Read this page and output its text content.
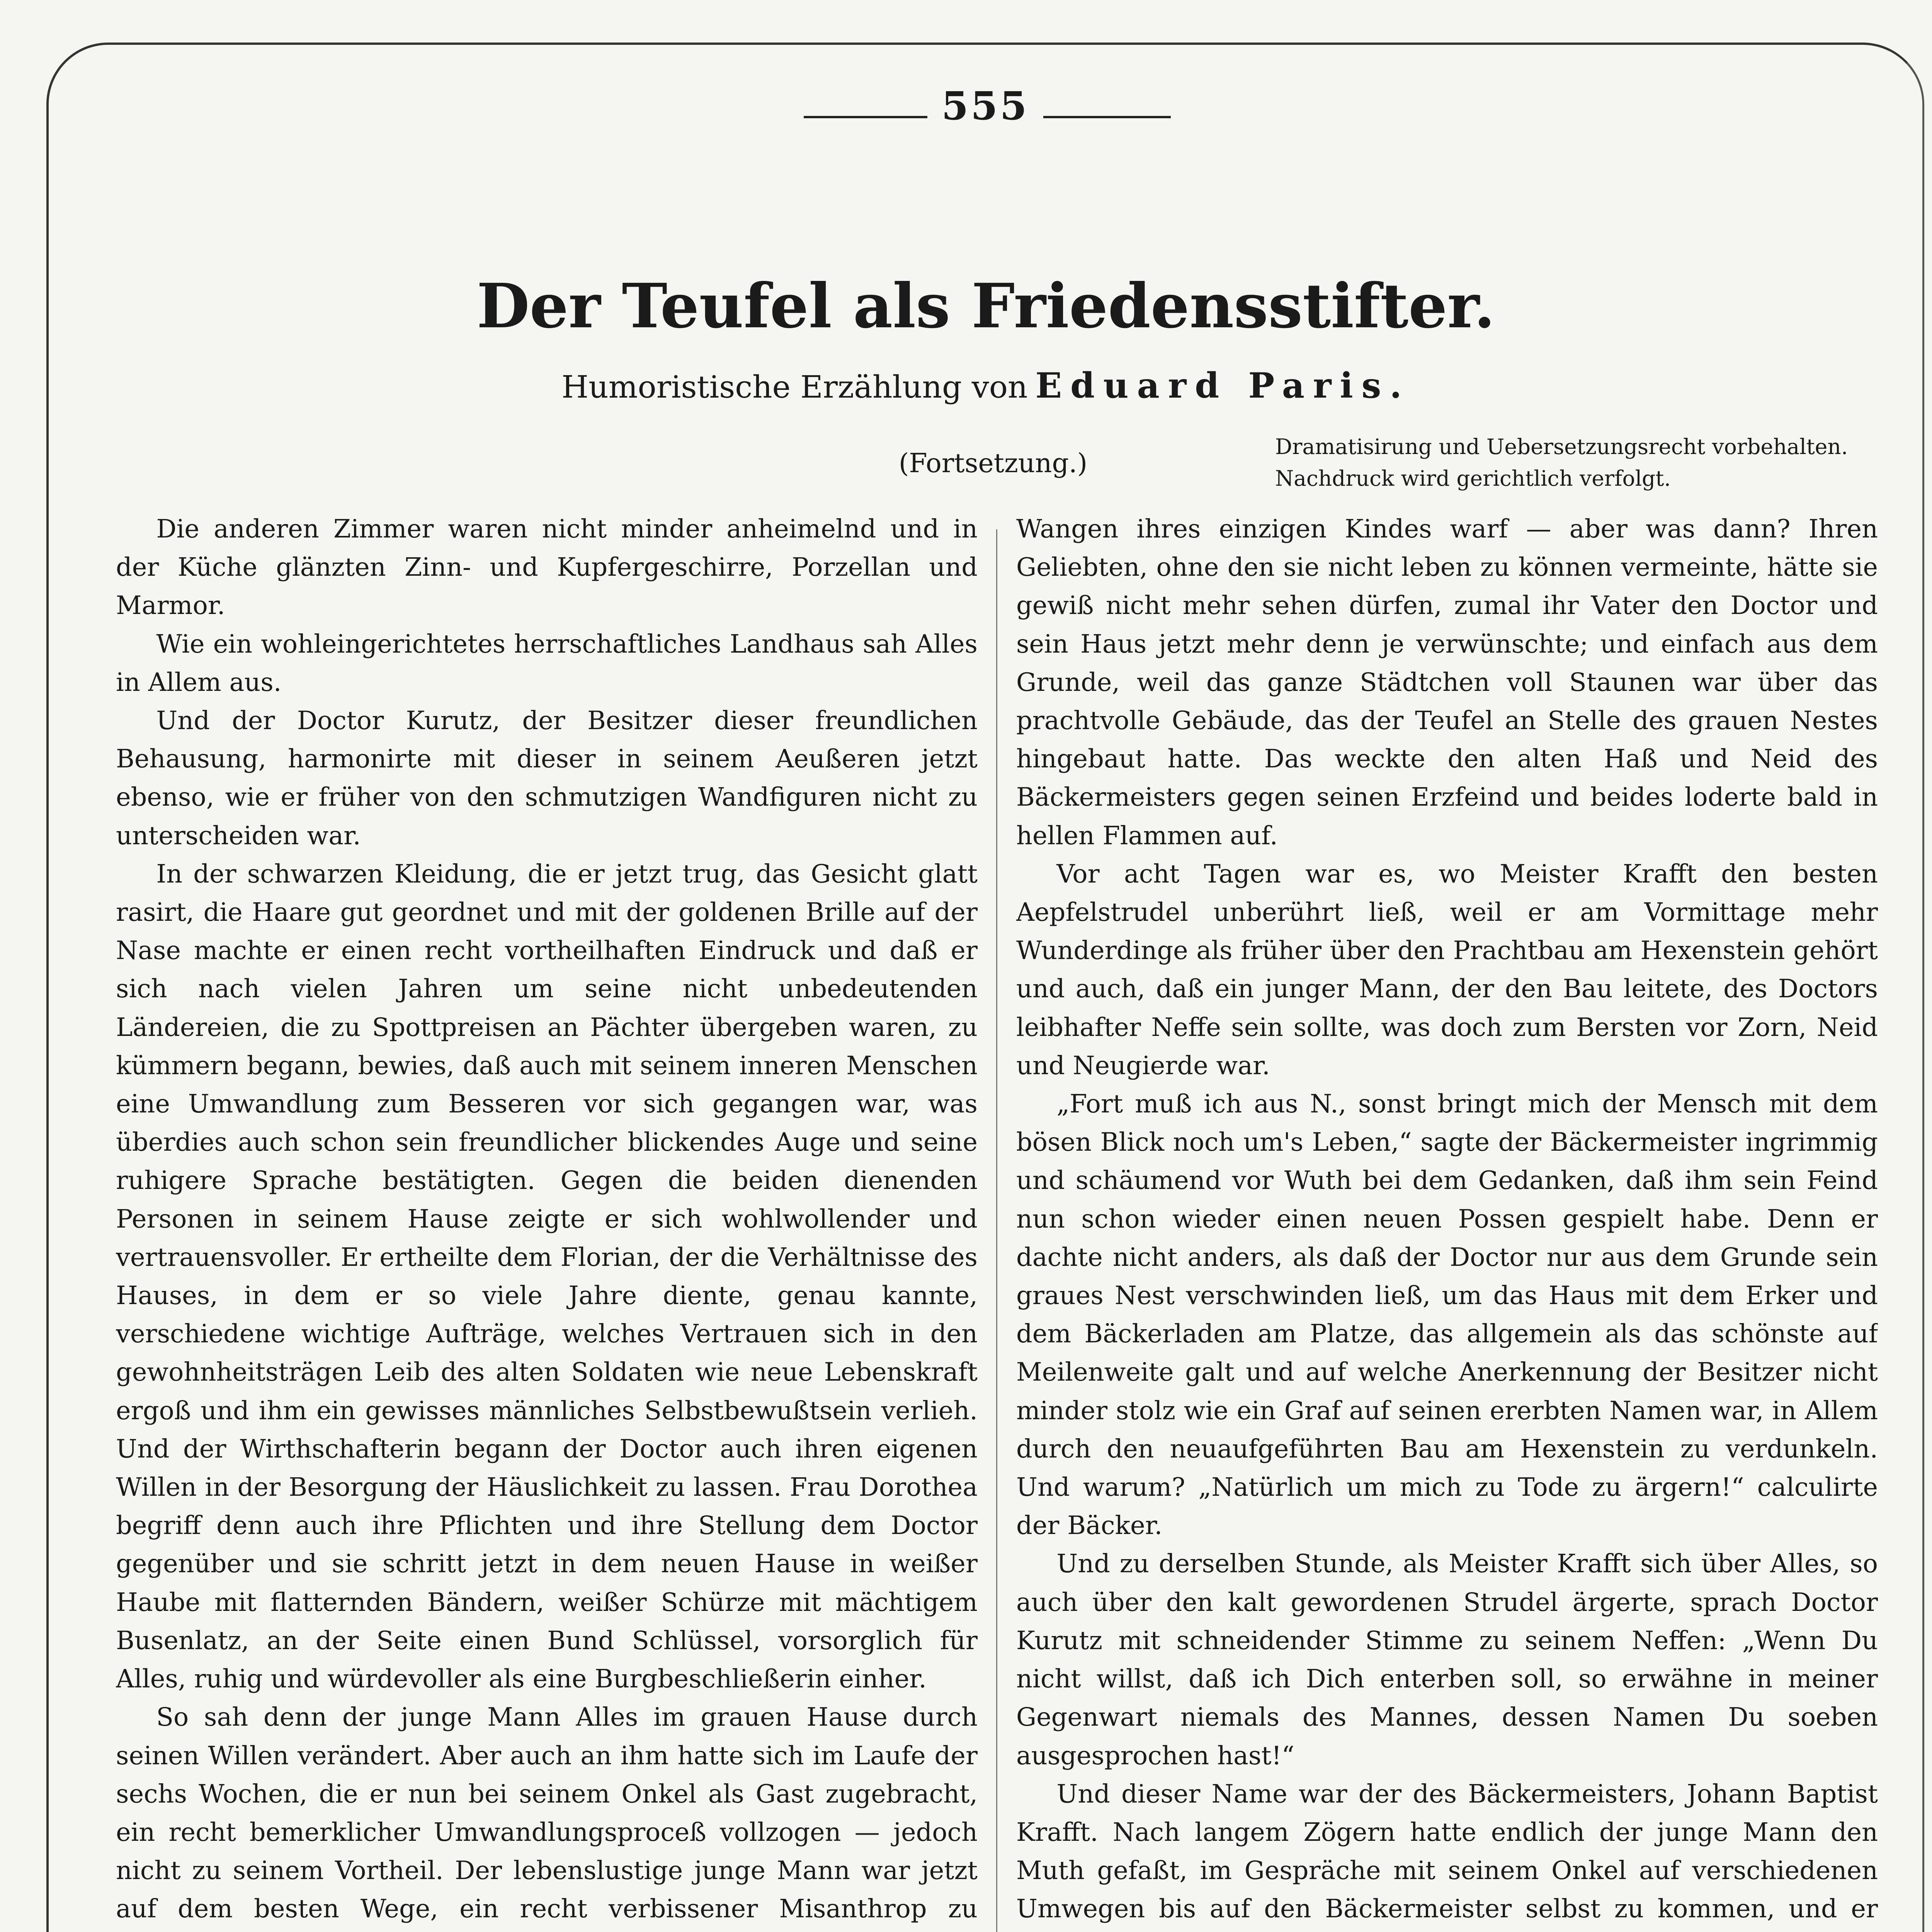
555

Der Teufel als Friedensstifter.

Humoristische Erzählung von Eduard Paris.

Dramatisirung und Uebersetzungsrecht vorbehalten.
Nachdruck wird gerichtlich verfolgt.

(Fortsetzung.)

Die anderen Zimmer waren nicht minder anheimelnd und in der Küche glänzten Zinn- und Kupfergeschirre, Porzellan und Marmor.

Wie ein wohleingerichtetes herrschaftliches Landhaus sah Alles in Allem aus.

Und der Doctor Kurutz, der Besitzer dieser freundlichen Behausung, harmonirte mit dieser in seinem Aeußeren jetzt ebenso, wie er früher von den schmutzigen Wandfiguren nicht zu unterscheiden war.

In der schwarzen Kleidung, die er jetzt trug, das Gesicht glatt rasirt, die Haare gut geordnet und mit der goldenen Brille auf der Nase machte er einen recht vortheilhaften Eindruck und daß er sich nach vielen Jahren um seine nicht unbedeutenden Ländereien, die zu Spottpreisen an Pächter übergeben waren, zu kümmern begann, bewies, daß auch mit seinem inneren Menschen eine Umwandlung zum Besseren vor sich gegangen war, was überdies auch schon sein freundlicher blickendes Auge und seine ruhigere Sprache bestätigten. Gegen die beiden dienenden Personen in seinem Hause zeigte er sich wohlwollender und vertrauensvoller. Er ertheilte dem Florian, der die Verhältnisse des Hauses, in dem er so viele Jahre diente, genau kannte, verschiedene wichtige Aufträge, welches Vertrauen sich in den gewohnheitsträgen Leib des alten Soldaten wie neue Lebenskraft ergoß und ihm ein gewisses männliches Selbstbewußtsein verlieh. Und der Wirthschafterin begann der Doctor auch ihren eigenen Willen in der Besorgung der Häuslichkeit zu lassen. Frau Dorothea begriff denn auch ihre Pflichten und ihre Stellung dem Doctor gegenüber und sie schritt jetzt in dem neuen Hause in weißer Haube mit flatternden Bändern, weißer Schürze mit mächtigem Busenlatz, an der Seite einen Bund Schlüssel, vorsorglich für Alles, ruhig und würdevoller als eine Burgbeschließerin einher.

So sah denn der junge Mann Alles im grauen Hause durch seinen Willen verändert. Aber auch an ihm hatte sich im Laufe der sechs Wochen, die er nun bei seinem Onkel als Gast zugebracht, ein recht bemerklicher Umwandlungsproceß vollzogen — jedoch nicht zu seinem Vortheil. Der lebenslustige junge Mann war jetzt auf dem besten Wege, ein recht verbissener Misanthrop zu

Wangen ihres einzigen Kindes warf — aber was dann? Ihren Geliebten, ohne den sie nicht leben zu können vermeinte, hätte sie gewiß nicht mehr sehen dürfen, zumal ihr Vater den Doctor und sein Haus jetzt mehr denn je verwünschte; und einfach aus dem Grunde, weil das ganze Städtchen voll Staunen war über das prachtvolle Gebäude, das der Teufel an Stelle des grauen Nestes hingebaut hatte. Das weckte den alten Haß und Neid des Bäckermeisters gegen seinen Erzfeind und beides loderte bald in hellen Flammen auf.

Vor acht Tagen war es, wo Meister Krafft den besten Aepfelstrudel unberührt ließ, weil er am Vormittage mehr Wunderdinge als früher über den Prachtbau am Hexenstein gehört und auch, daß ein junger Mann, der den Bau leitete, des Doctors leibhafter Neffe sein sollte, was doch zum Bersten vor Zorn, Neid und Neugierde war.

„Fort muß ich aus N., sonst bringt mich der Mensch mit dem bösen Blick noch um's Leben,“ sagte der Bäckermeister ingrimmig und schäumend vor Wuth bei dem Gedanken, daß ihm sein Feind nun schon wieder einen neuen Possen gespielt habe. Denn er dachte nicht anders, als daß der Doctor nur aus dem Grunde sein graues Nest verschwinden ließ, um das Haus mit dem Erker und dem Bäckerladen am Platze, das allgemein als das schönste auf Meilenweite galt und auf welche Anerkennung der Besitzer nicht minder stolz wie ein Graf auf seinen ererbten Namen war, in Allem durch den neuaufgeführten Bau am Hexenstein zu verdunkeln. Und warum? „Natürlich um mich zu Tode zu ärgern!“ calculirte der Bäcker.

Und zu derselben Stunde, als Meister Krafft sich über Alles, so auch über den kalt gewordenen Strudel ärgerte, sprach Doctor Kurutz mit schneidender Stimme zu seinem Neffen: „Wenn Du nicht willst, daß ich Dich enterben soll, so erwähne in meiner Gegenwart niemals des Mannes, dessen Namen Du soeben ausgesprochen hast!“

Und dieser Name war der des Bäckermeisters, Johann Baptist Krafft. Nach langem Zögern hatte endlich der junge Mann den Muth gefaßt, im Gespräche mit seinem Onkel auf verschiedenen Umwegen bis auf den Bäckermeister selbst zu kommen, und er
